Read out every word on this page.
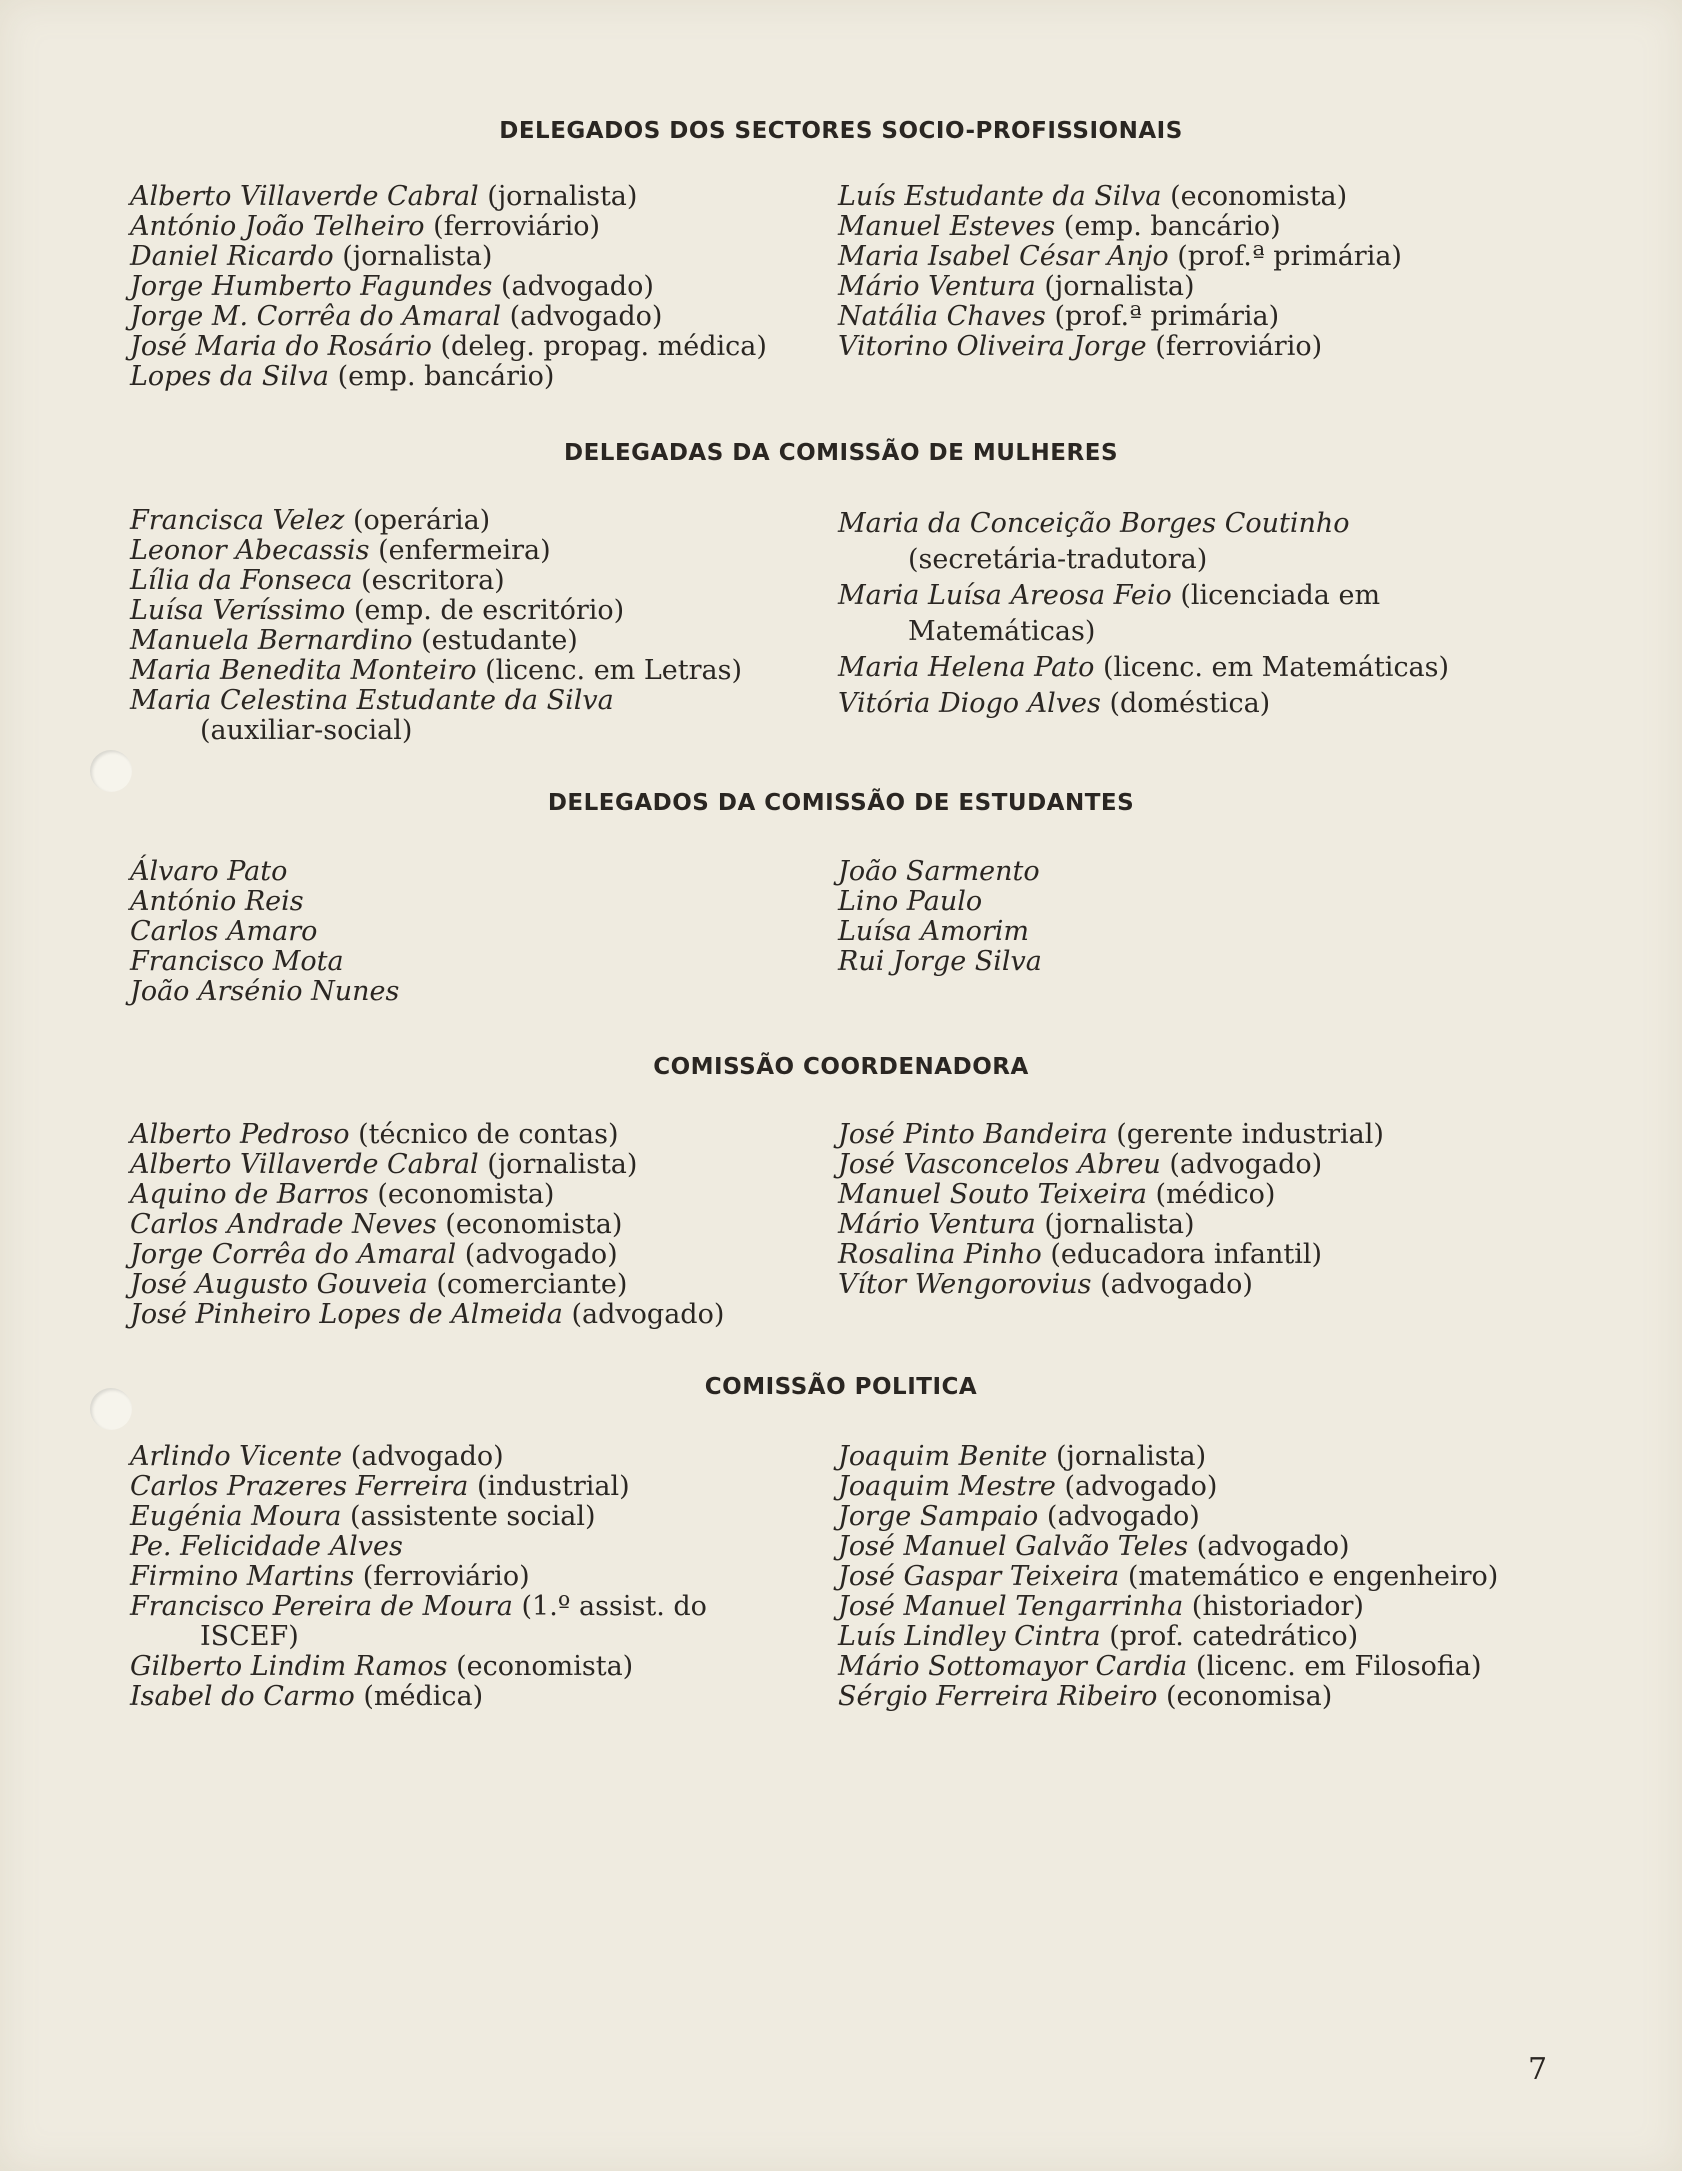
DELEGADOS DOS SECTORES SOCIO-PROFISSIONAIS
Alberto Villaverde Cabral (jornalista)
António João Telheiro (ferroviário)
Daniel Ricardo (jornalista)
Jorge Humberto Fagundes (advogado)
Jorge M. Corrêa do Amaral (advogado)
José Maria do Rosário (deleg. propag. médica)
Lopes da Silva (emp. bancário)
Luís Estudante da Silva (economista)
Manuel Esteves (emp. bancário)
Maria Isabel César Anjo (prof.ª primária)
Mário Ventura (jornalista)
Natália Chaves (prof.ª primária)
Vitorino Oliveira Jorge (ferroviário)
DELEGADAS DA COMISSÃO DE MULHERES
Francisca Velez (operária)
Leonor Abecassis (enfermeira)
Lília da Fonseca (escritora)
Luísa Veríssimo (emp. de escritório)
Manuela Bernardino (estudante)
Maria Benedita Monteiro (licenc. em Letras)
Maria Celestina Estudante da Silva
(auxiliar-social)
Maria da Conceição Borges Coutinho
(secretária-tradutora)
Maria Luísa Areosa Feio (licenciada em
Matemáticas)
Maria Helena Pato (licenc. em Matemáticas)
Vitória Diogo Alves (doméstica)
DELEGADOS DA COMISSÃO DE ESTUDANTES
Álvaro Pato
António Reis
Carlos Amaro
Francisco Mota
João Arsénio Nunes
João Sarmento
Lino Paulo
Luísa Amorim
Rui Jorge Silva
COMISSÃO COORDENADORA
Alberto Pedroso (técnico de contas)
Alberto Villaverde Cabral (jornalista)
Aquino de Barros (economista)
Carlos Andrade Neves (economista)
Jorge Corrêa do Amaral (advogado)
José Augusto Gouveia (comerciante)
José Pinheiro Lopes de Almeida (advogado)
José Pinto Bandeira (gerente industrial)
José Vasconcelos Abreu (advogado)
Manuel Souto Teixeira (médico)
Mário Ventura (jornalista)
Rosalina Pinho (educadora infantil)
Vítor Wengorovius (advogado)
COMISSÃO POLITICA
Arlindo Vicente (advogado)
Carlos Prazeres Ferreira (industrial)
Eugénia Moura (assistente social)
Pe. Felicidade Alves
Firmino Martins (ferroviário)
Francisco Pereira de Moura (1.º assist. do
ISCEF)
Gilberto Lindim Ramos (economista)
Isabel do Carmo (médica)
Joaquim Benite (jornalista)
Joaquim Mestre (advogado)
Jorge Sampaio (advogado)
José Manuel Galvão Teles (advogado)
José Gaspar Teixeira (matemático e engenheiro)
José Manuel Tengarrinha (historiador)
Luís Lindley Cintra (prof. catedrático)
Mário Sottomayor Cardia (licenc. em Filosofia)
Sérgio Ferreira Ribeiro (economisa)
7
